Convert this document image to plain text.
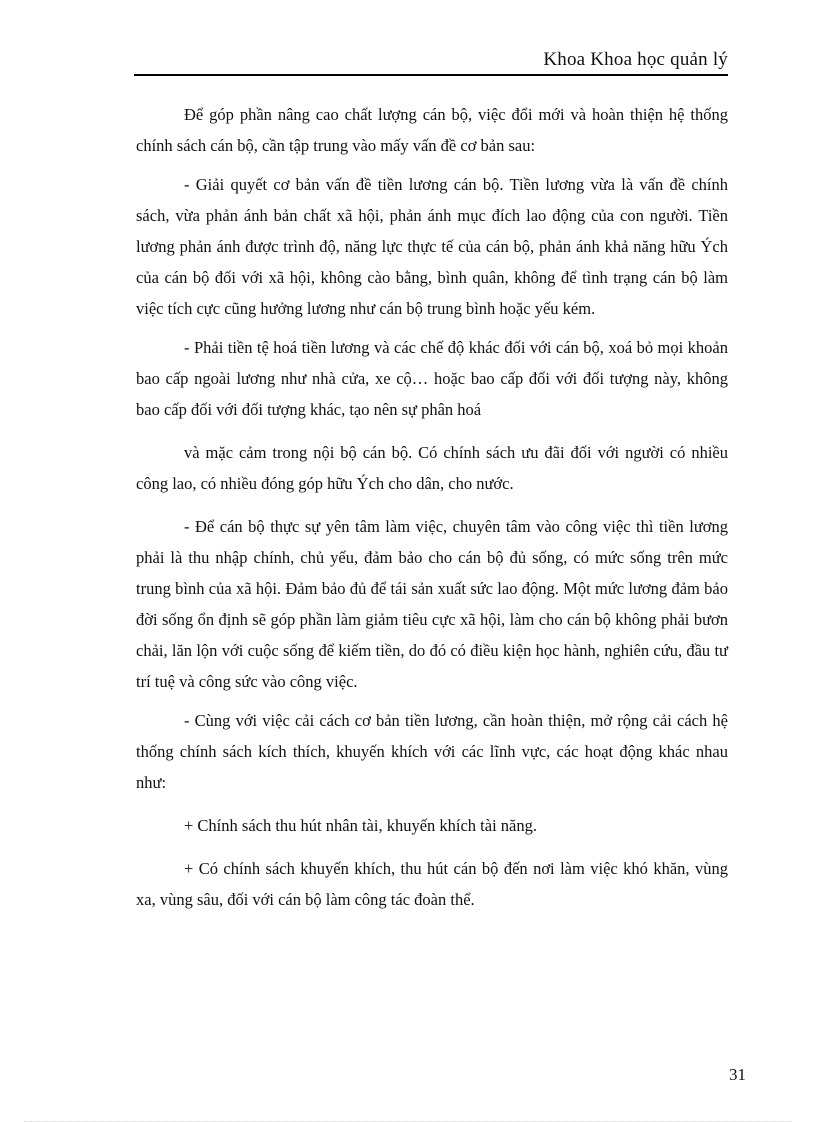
Khoa Khoa học quản lý

Để góp phần nâng cao chất lượng cán bộ, việc đổi mới và hoàn thiện hệ thống chính sách cán bộ, cần tập trung vào mấy vấn đề cơ bản sau:

- Giải quyết cơ bản vấn đề tiền lương cán bộ. Tiền lương vừa là vấn đề chính sách, vừa phản ánh bản chất xã hội, phản ánh mục đích lao động của con người. Tiền lương phản ánh được trình độ, năng lực thực tế của cán bộ, phản ánh khả năng hữu Ých của cán bộ đối với xã hội, không cào bằng, bình quân, không để tình trạng cán bộ làm việc tích cực cũng hưởng lương như cán bộ trung bình hoặc yếu kém.

- Phải tiền tệ hoá tiền lương và các chế độ khác đối với cán bộ, xoá bỏ mọi khoản bao cấp ngoài lương như nhà cửa, xe cộ… hoặc bao cấp đối với đối tượng này, không bao cấp đối với đối tượng khác, tạo nên sự phân hoá

và mặc cảm trong nội bộ cán bộ. Có chính sách ưu đãi đối với người có nhiều công lao, có nhiều đóng góp hữu Ých cho dân, cho nước.

- Để cán bộ thực sự yên tâm làm việc, chuyên tâm vào công việc thì tiền lương phải là thu nhập chính, chủ yếu, đảm bảo cho cán bộ đủ sống, có mức sống trên mức trung bình của xã hội. Đảm bảo đủ để tái sản xuất sức lao động. Một mức lương đảm bảo đời sống ổn định sẽ góp phần làm giảm tiêu cực xã hội, làm cho cán bộ không phải bươn chải, lăn lộn với cuộc sống để kiếm tiền, do đó có điều kiện học hành, nghiên cứu, đầu tư trí tuệ và công sức vào công việc.

- Cùng với việc cải cách cơ bản tiền lương, cần hoàn thiện, mở rộng cải cách hệ thống chính sách kích thích, khuyến khích với các lĩnh vực, các hoạt động khác nhau như:

+ Chính sách thu hút nhân tài, khuyến khích tài năng.

+ Có chính sách khuyến khích, thu hút cán bộ đến nơi làm việc khó khăn, vùng xa, vùng sâu, đối với cán bộ làm công tác đoàn thể.

31
